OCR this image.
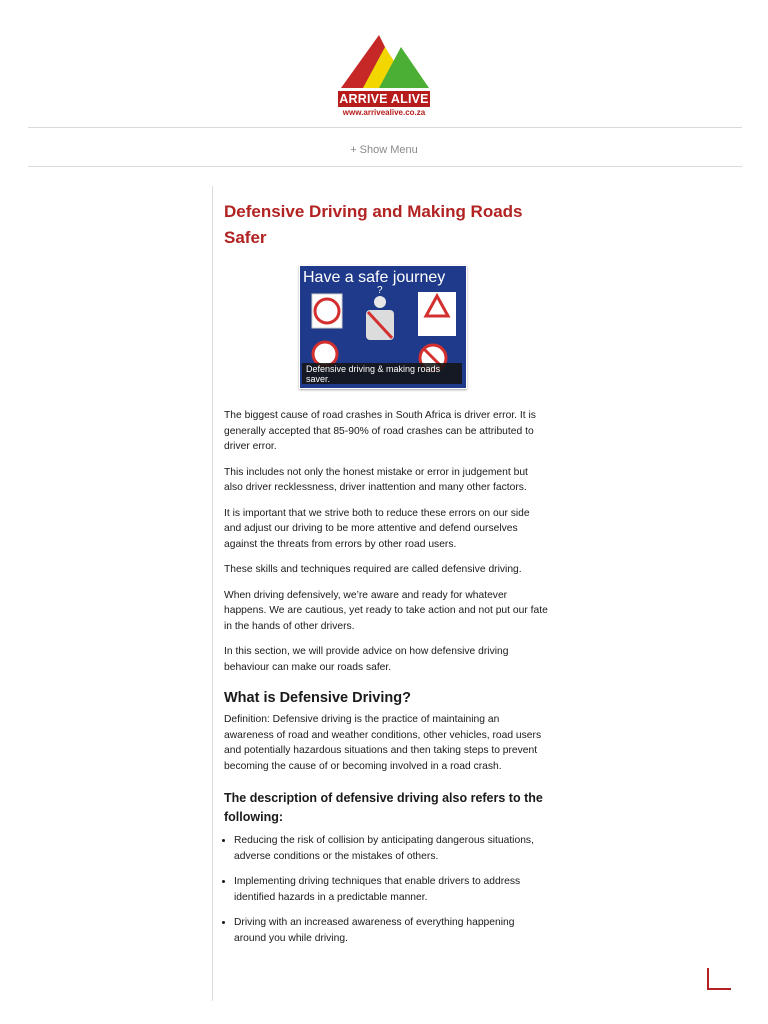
ARRIVE ALIVE
www.arrivealive.co.za
+ Show Menu
Defensive Driving and Making Roads Safer
Have a safe journey
?
Defensive driving & making roads saver.

The biggest cause of road crashes in South Africa is driver error. It is generally accepted that 85-90% of road crashes can be attributed to driver error.

This includes not only the honest mistake or error in judgement but also driver recklessness, driver inattention and many other factors.

It is important that we strive both to reduce these errors on our side and adjust our driving to be more attentive and defend ourselves against the threats from errors by other road users.

These skills and techniques required are called defensive driving.

When driving defensively, we’re aware and ready for whatever happens. We are cautious, yet ready to take action and not put our fate in the hands of other drivers.

In this section, we will provide advice on how defensive driving behaviour can make our roads safer.

What is Defensive Driving?

Definition: Defensive driving is the practice of maintaining an awareness of road and weather conditions, other vehicles, road users and potentially hazardous situations and then taking steps to prevent becoming the cause of or becoming involved in a road crash.

The description of defensive driving also refers to the following:
• Reducing the risk of collision by anticipating dangerous situations, adverse conditions or the mistakes of others.
• Implementing driving techniques that enable drivers to address identified hazards in a predictable manner.
• Driving with an increased awareness of everything happening around you while driving.
